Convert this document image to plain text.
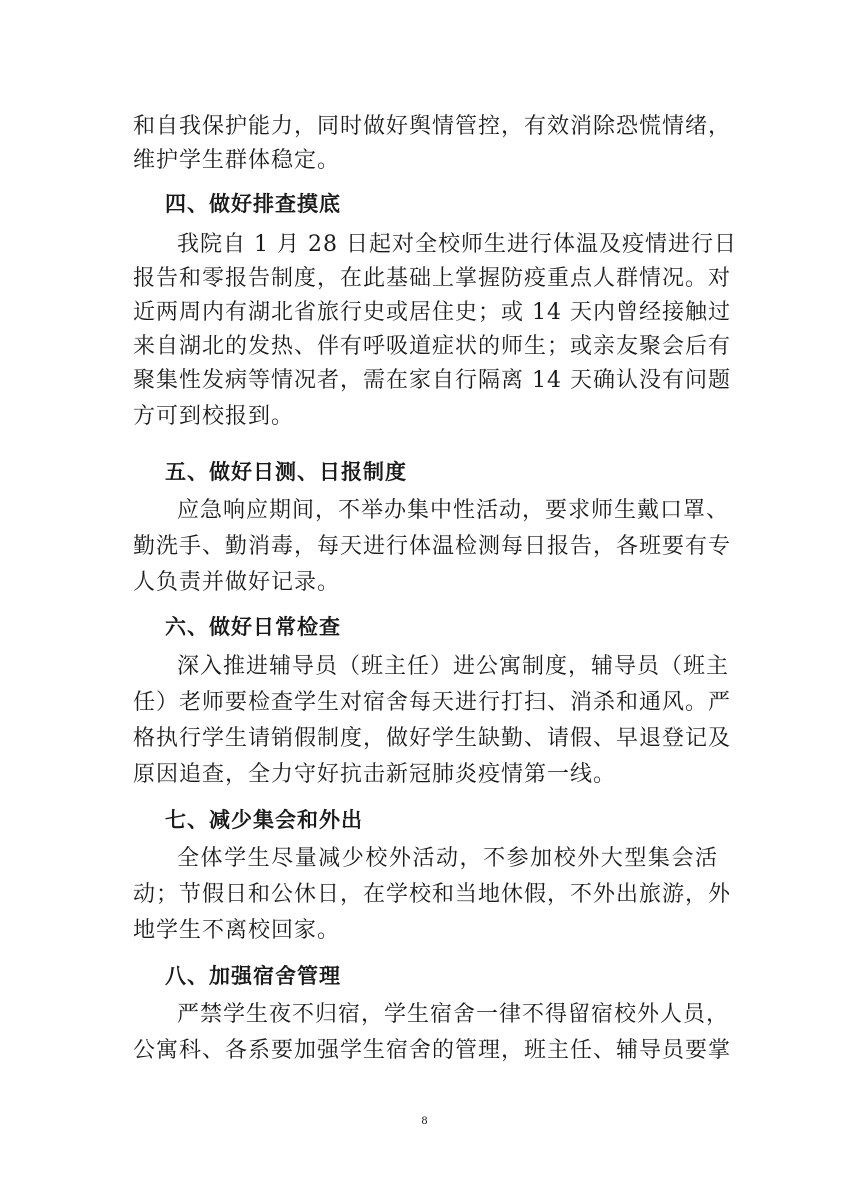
和自我保护能力，同时做好舆情管控，有效消除恐慌情绪，
维护学生群体稳定。
四、做好排查摸底
我院自 1 月 28 日起对全校师生进行体温及疫情进行日
报告和零报告制度，在此基础上掌握防疫重点人群情况。对
近两周内有湖北省旅行史或居住史；或 14 天内曾经接触过
来自湖北的发热、伴有呼吸道症状的师生；或亲友聚会后有
聚集性发病等情况者，需在家自行隔离 14 天确认没有问题
方可到校报到。
五、做好日测、日报制度
应急响应期间，不举办集中性活动，要求师生戴口罩、
勤洗手、勤消毒，每天进行体温检测每日报告，各班要有专
人负责并做好记录。
六、做好日常检查
深入推进辅导员（班主任）进公寓制度，辅导员（班主
任）老师要检查学生对宿舍每天进行打扫、消杀和通风。严
格执行学生请销假制度，做好学生缺勤、请假、早退登记及
原因追查，全力守好抗击新冠肺炎疫情第一线。
七、减少集会和外出
全体学生尽量减少校外活动，不参加校外大型集会活
动；节假日和公休日，在学校和当地休假，不外出旅游，外
地学生不离校回家。
八、加强宿舍管理
严禁学生夜不归宿，学生宿舍一律不得留宿校外人员，
公寓科、各系要加强学生宿舍的管理，班主任、辅导员要掌
8
